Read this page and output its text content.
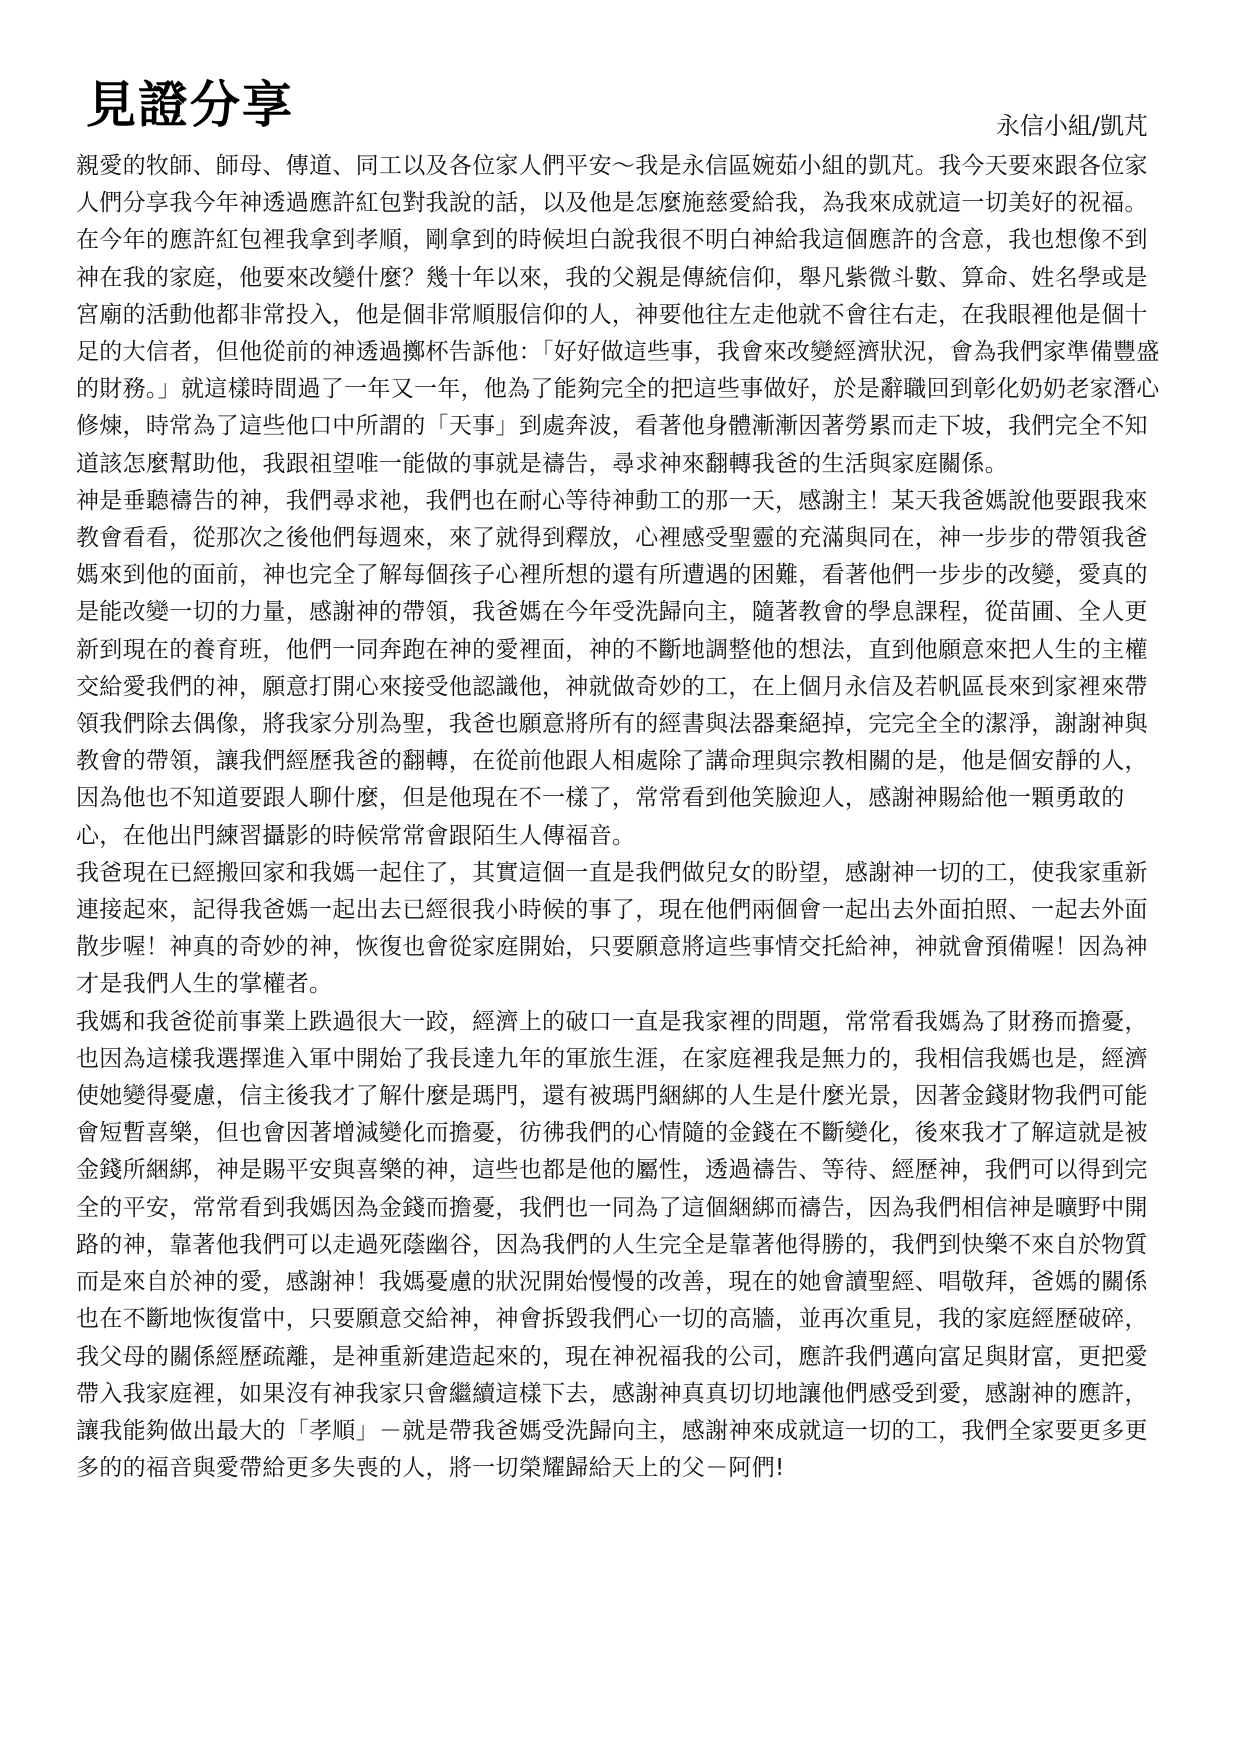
見證分享	永信小組/凱芃

親愛的牧師、師母、傳道、同工以及各位家人們平安～我是永信區婉茹小組的凱芃。我今天要來跟各位家人們分享我今年神透過應許紅包對我說的話，以及他是怎麼施慈愛給我，為我來成就這一切美好的祝福。

在今年的應許紅包裡我拿到孝順，剛拿到的時候坦白說我很不明白神給我這個應許的含意，我也想像不到神在我的家庭，他要來改變什麼？幾十年以來，我的父親是傳統信仰，舉凡紫微斗數、算命、姓名學或是宮廟的活動他都非常投入，他是個非常順服信仰的人，神要他往左走他就不會往右走，在我眼裡他是個十足的大信者，但他從前的神透過擲杯告訴他：「好好做這些事，我會來改變經濟狀況，會為我們家準備豐盛的財務。」就這樣時間過了一年又一年，他為了能夠完全的把這些事做好，於是辭職回到彰化奶奶老家潛心修煉，時常為了這些他口中所謂的「天事」到處奔波，看著他身體漸漸因著勞累而走下坡，我們完全不知道該怎麼幫助他，我跟祖望唯一能做的事就是禱告，尋求神來翻轉我爸的生活與家庭關係。

神是垂聽禱告的神，我們尋求祂，我們也在耐心等待神動工的那一天，感謝主！某天我爸媽說他要跟我來教會看看，從那次之後他們每週來，來了就得到釋放，心裡感受聖靈的充滿與同在，神一步步的帶領我爸媽來到他的面前，神也完全了解每個孩子心裡所想的還有所遭遇的困難，看著他們一步步的改變，愛真的是能改變一切的力量，感謝神的帶領，我爸媽在今年受洗歸向主，隨著教會的學息課程，從苗圃、全人更新到現在的養育班，他們一同奔跑在神的愛裡面，神的不斷地調整他的想法，直到他願意來把人生的主權交給愛我們的神，願意打開心來接受他認識他，神就做奇妙的工，在上個月永信及若帆區長來到家裡來帶領我們除去偶像，將我家分別為聖，我爸也願意將所有的經書與法器棄絕掉，完完全全的潔淨，謝謝神與教會的帶領，讓我們經歷我爸的翻轉，在從前他跟人相處除了講命理與宗教相關的是，他是個安靜的人，因為他也不知道要跟人聊什麼，但是他現在不一樣了，常常看到他笑臉迎人，感謝神賜給他一顆勇敢的心，在他出門練習攝影的時候常常會跟陌生人傳福音。

我爸現在已經搬回家和我媽一起住了，其實這個一直是我們做兒女的盼望，感謝神一切的工，使我家重新連接起來，記得我爸媽一起出去已經很我小時候的事了，現在他們兩個會一起出去外面拍照、一起去外面散步喔！神真的奇妙的神，恢復也會從家庭開始，只要願意將這些事情交托給神，神就會預備喔！因為神才是我們人生的掌權者。

我媽和我爸從前事業上跌過很大一跤，經濟上的破口一直是我家裡的問題，常常看我媽為了財務而擔憂，也因為這樣我選擇進入軍中開始了我長達九年的軍旅生涯，在家庭裡我是無力的，我相信我媽也是，經濟使她變得憂慮，信主後我才了解什麼是瑪門，還有被瑪門綑綁的人生是什麼光景，因著金錢財物我們可能會短暫喜樂，但也會因著增減變化而擔憂，彷彿我們的心情隨的金錢在不斷變化，後來我才了解這就是被金錢所綑綁，神是賜平安與喜樂的神，這些也都是他的屬性，透過禱告、等待、經歷神，我們可以得到完全的平安，常常看到我媽因為金錢而擔憂，我們也一同為了這個綑綁而禱告，因為我們相信神是曠野中開路的神，靠著他我們可以走過死蔭幽谷，因為我們的人生完全是靠著他得勝的，我們到快樂不來自於物質而是來自於神的愛，感謝神！我媽憂慮的狀況開始慢慢的改善，現在的她會讀聖經、唱敬拜，爸媽的關係也在不斷地恢復當中，只要願意交給神，神會拆毀我們心一切的高牆，並再次重見，我的家庭經歷破碎，我父母的關係經歷疏離，是神重新建造起來的，現在神祝福我的公司，應許我們邁向富足與財富，更把愛帶入我家庭裡，如果沒有神我家只會繼續這樣下去，感謝神真真切切地讓他們感受到愛，感謝神的應許，讓我能夠做出最大的「孝順」－就是帶我爸媽受洗歸向主，感謝神來成就這一切的工，我們全家要更多更多的的福音與愛帶給更多失喪的人，將一切榮耀歸給天上的父－阿們!
